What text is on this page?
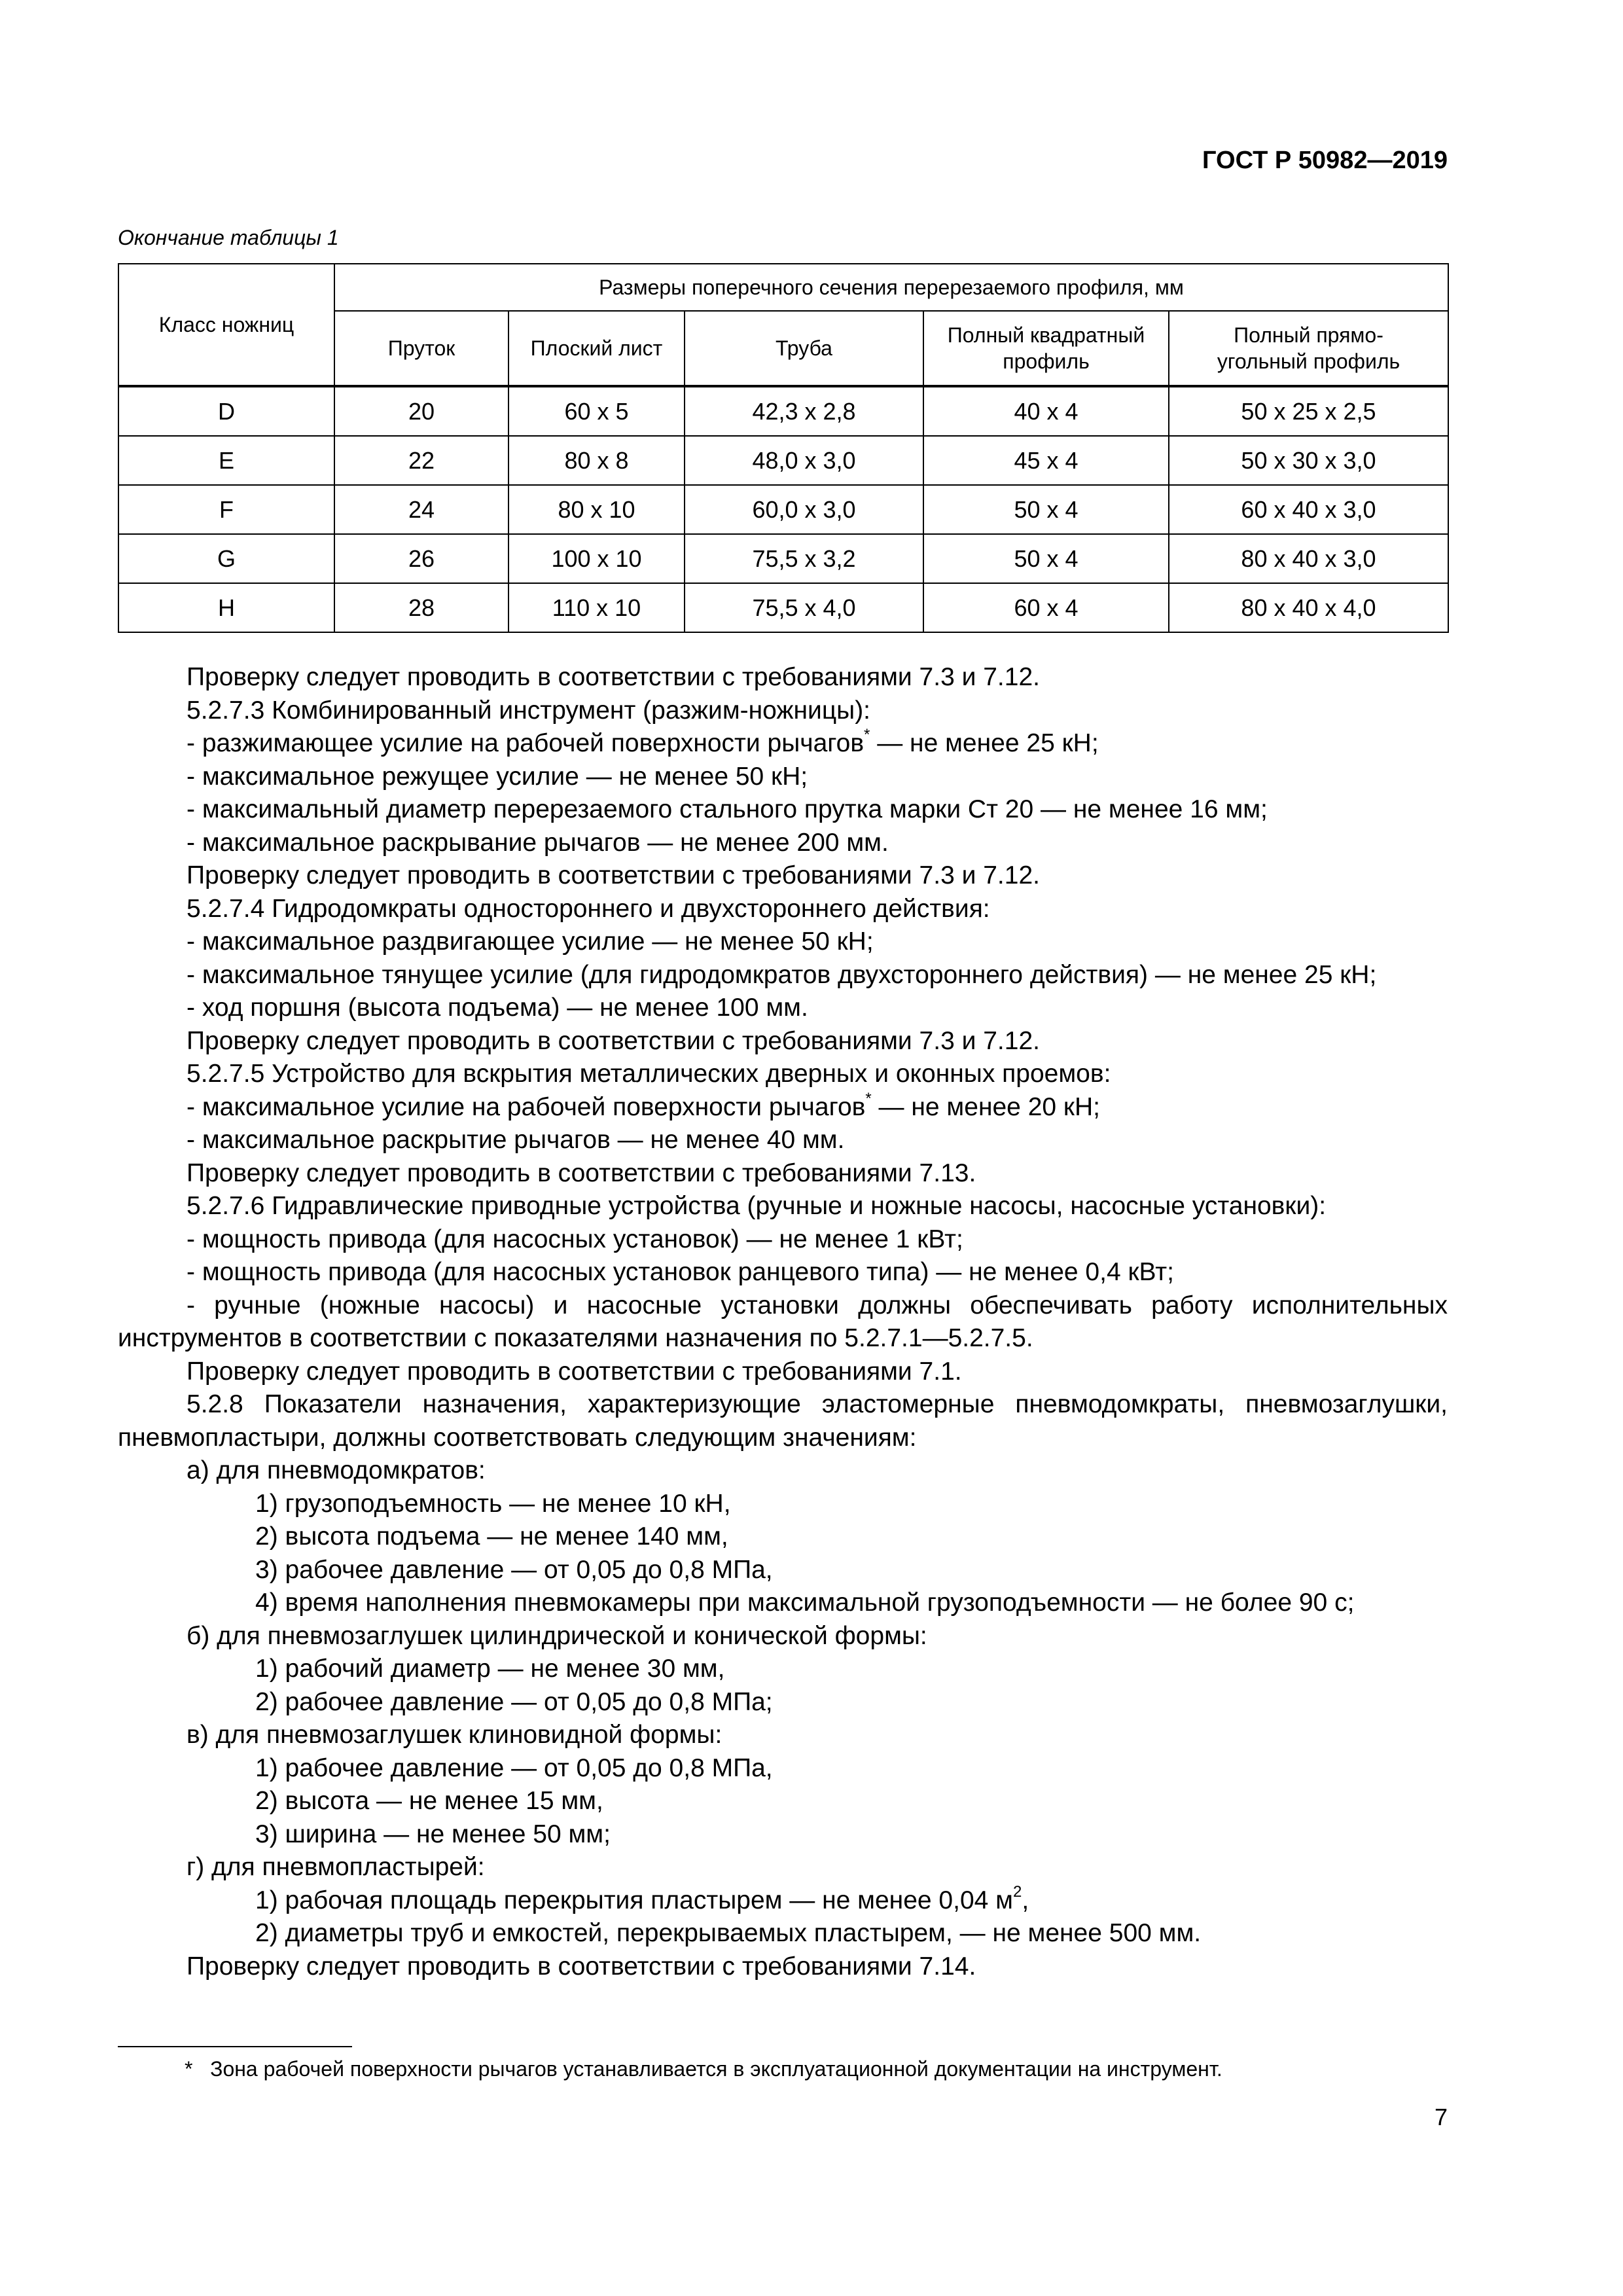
ГОСТ Р 50982—2019
Окончание таблицы 1
Класс ножниц	Размеры поперечного сечения перерезаемого профиля, мм				
	Пруток	Плоский лист	Труба	Полный квадратный профиль	Полный прямо-угольный профиль
D	20	60 х 5	42,3 х 2,8	40 х 4	50 х 25 х 2,5
E	22	80 х 8	48,0 х 3,0	45 х 4	50 х 30 х 3,0
F	24	80 х 10	60,0 х 3,0	50 х 4	60 х 40 х 3,0
G	26	100 х 10	75,5 х 3,2	50 х 4	80 х 40 х 3,0
H	28	110 х 10	75,5 х 4,0	60 х 4	80 х 40 х 4,0

Проверку следует проводить в соответствии с требованиями 7.3 и 7.12.

5.2.7.3 Комбинированный инструмент (разжим-ножницы):

- разжимающее усилие на рабочей поверхности рычагов* — не менее 25 кН;

- максимальное режущее усилие — не менее 50 кН;

- максимальный диаметр перерезаемого стального прутка марки Ст 20 — не менее 16 мм;

- максимальное раскрывание рычагов — не менее 200 мм.

Проверку следует проводить в соответствии с требованиями 7.3 и 7.12.

5.2.7.4 Гидродомкраты одностороннего и двухстороннего действия:

- максимальное раздвигающее усилие — не менее 50 кН;

- максимальное тянущее усилие (для гидродомкратов двухстороннего действия) — не менее 25 кН;

- ход поршня (высота подъема) — не менее 100 мм.

Проверку следует проводить в соответствии с требованиями 7.3 и 7.12.

5.2.7.5 Устройство для вскрытия металлических дверных и оконных проемов:

- максимальное усилие на рабочей поверхности рычагов* — не менее 20 кН;

- максимальное раскрытие рычагов — не менее 40 мм.

Проверку следует проводить в соответствии с требованиями 7.13.

5.2.7.6 Гидравлические приводные устройства (ручные и ножные насосы, насосные установки):

- мощность привода (для насосных установок) — не менее 1 кВт;

- мощность привода (для насосных установок ранцевого типа) — не менее 0,4 кВт;

- ручные (ножные насосы) и насосные установки должны обеспечивать работу исполнительных инструментов в соответствии с показателями назначения по 5.2.7.1—5.2.7.5.

Проверку следует проводить в соответствии с требованиями 7.1.

5.2.8 Показатели назначения, характеризующие эластомерные пневмодомкраты, пневмозаглушки, пневмопластыри, должны соответствовать следующим значениям:

а) для пневмодомкратов:

1) грузоподъемность — не менее 10 кН,

2) высота подъема — не менее 140 мм,

3) рабочее давление — от 0,05 до 0,8 МПа,

4) время наполнения пневмокамеры при максимальной грузоподъемности — не более 90 с;

б) для пневмозаглушек цилиндрической и конической формы:

1) рабочий диаметр — не менее 30 мм,

2) рабочее давление — от 0,05 до 0,8 МПа;

в) для пневмозаглушек клиновидной формы:

1) рабочее давление — от 0,05 до 0,8 МПа,

2) высота — не менее 15 мм,

3) ширина — не менее 50 мм;

г) для пневмопластырей:

1) рабочая площадь перекрытия пластырем — не менее 0,04 $м^2$,

2) диаметры труб и емкостей, перекрываемых пластырем, — не менее 500 мм.

Проверку следует проводить в соответствии с требованиями 7.14.

* Зона рабочей поверхности рычагов устанавливается в эксплуатационной документации на инструмент.
7
